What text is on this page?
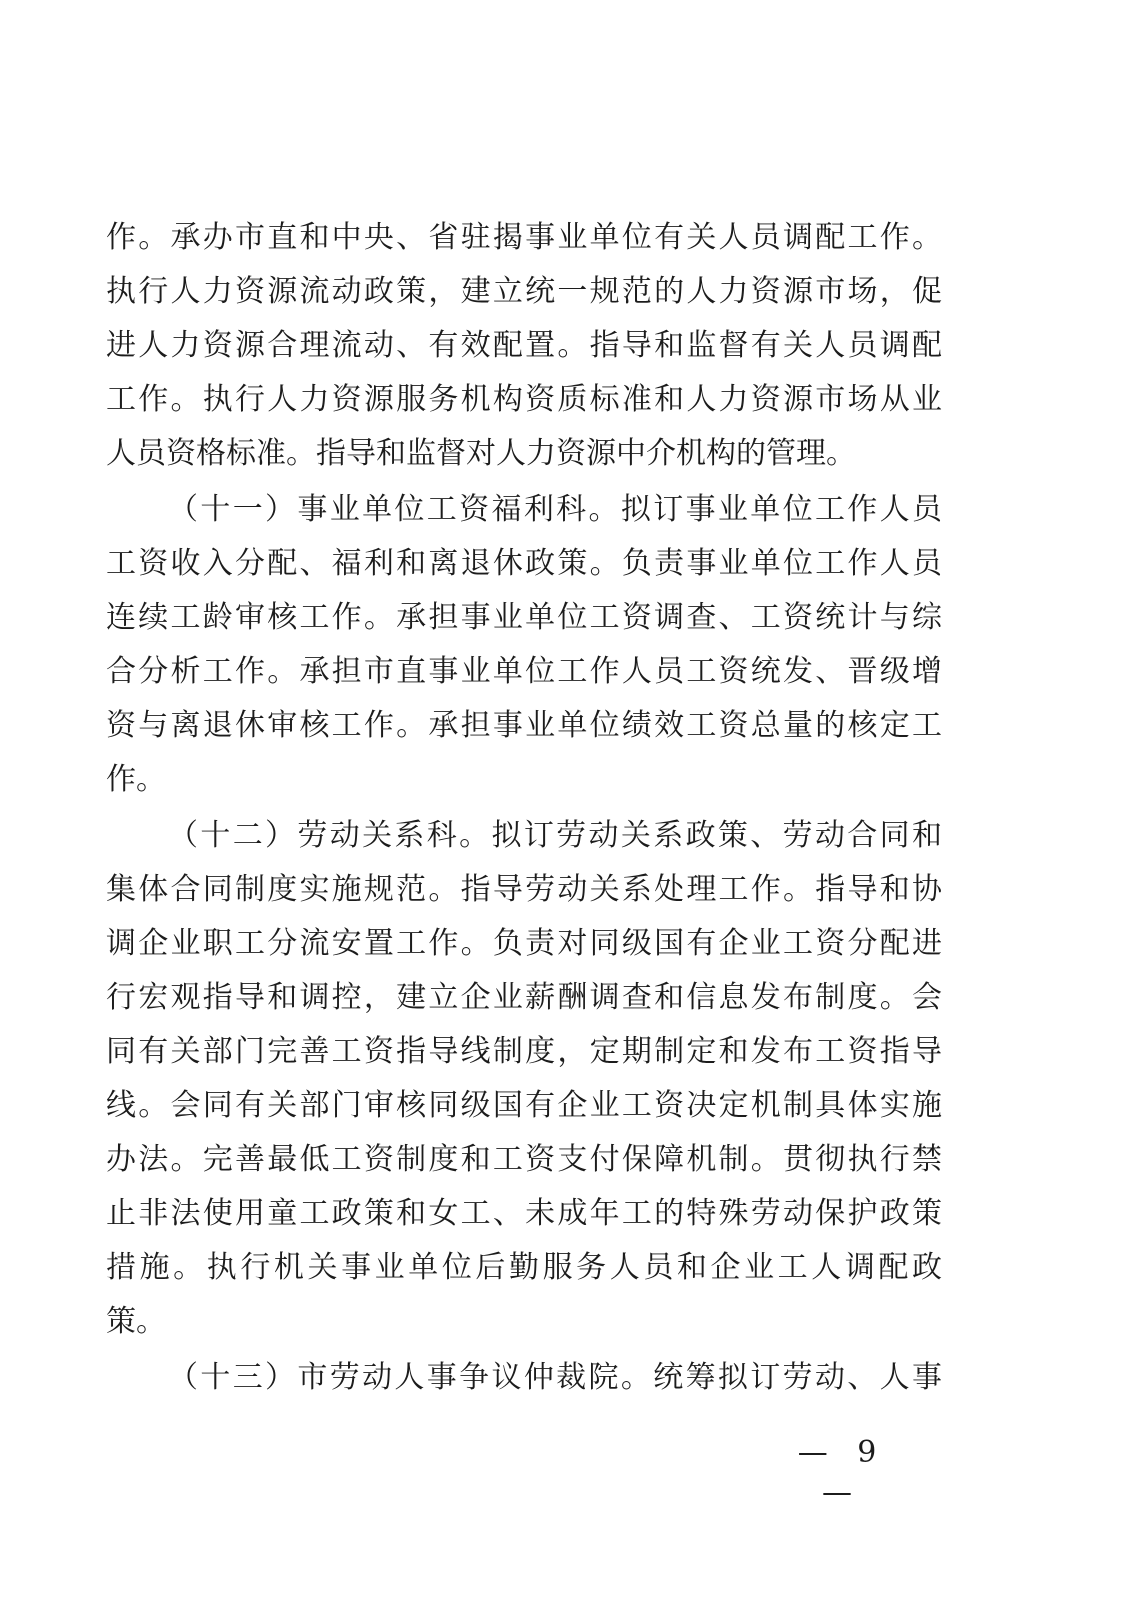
作。承办市直和中央、省驻揭事业单位有关人员调配工作。
执行人力资源流动政策，建立统一规范的人力资源市场，促
进人力资源合理流动、有效配置。指导和监督有关人员调配
工作。执行人力资源服务机构资质标准和人力资源市场从业
人员资格标准。指导和监督对人力资源中介机构的管理。
（十一）事业单位工资福利科。拟订事业单位工作人员
工资收入分配、福利和离退休政策。负责事业单位工作人员
连续工龄审核工作。承担事业单位工资调查、工资统计与综
合分析工作。承担市直事业单位工作人员工资统发、晋级增
资与离退休审核工作。承担事业单位绩效工资总量的核定工
作。
（十二）劳动关系科。拟订劳动关系政策、劳动合同和
集体合同制度实施规范。指导劳动关系处理工作。指导和协
调企业职工分流安置工作。负责对同级国有企业工资分配进
行宏观指导和调控，建立企业薪酬调查和信息发布制度。会
同有关部门完善工资指导线制度，定期制定和发布工资指导
线。会同有关部门审核同级国有企业工资决定机制具体实施
办法。完善最低工资制度和工资支付保障机制。贯彻执行禁
止非法使用童工政策和女工、未成年工的特殊劳动保护政策
措施。执行机关事业单位后勤服务人员和企业工人调配政
策。
（十三）市劳动人事争议仲裁院。统筹拟订劳动、人事
— 9 —
